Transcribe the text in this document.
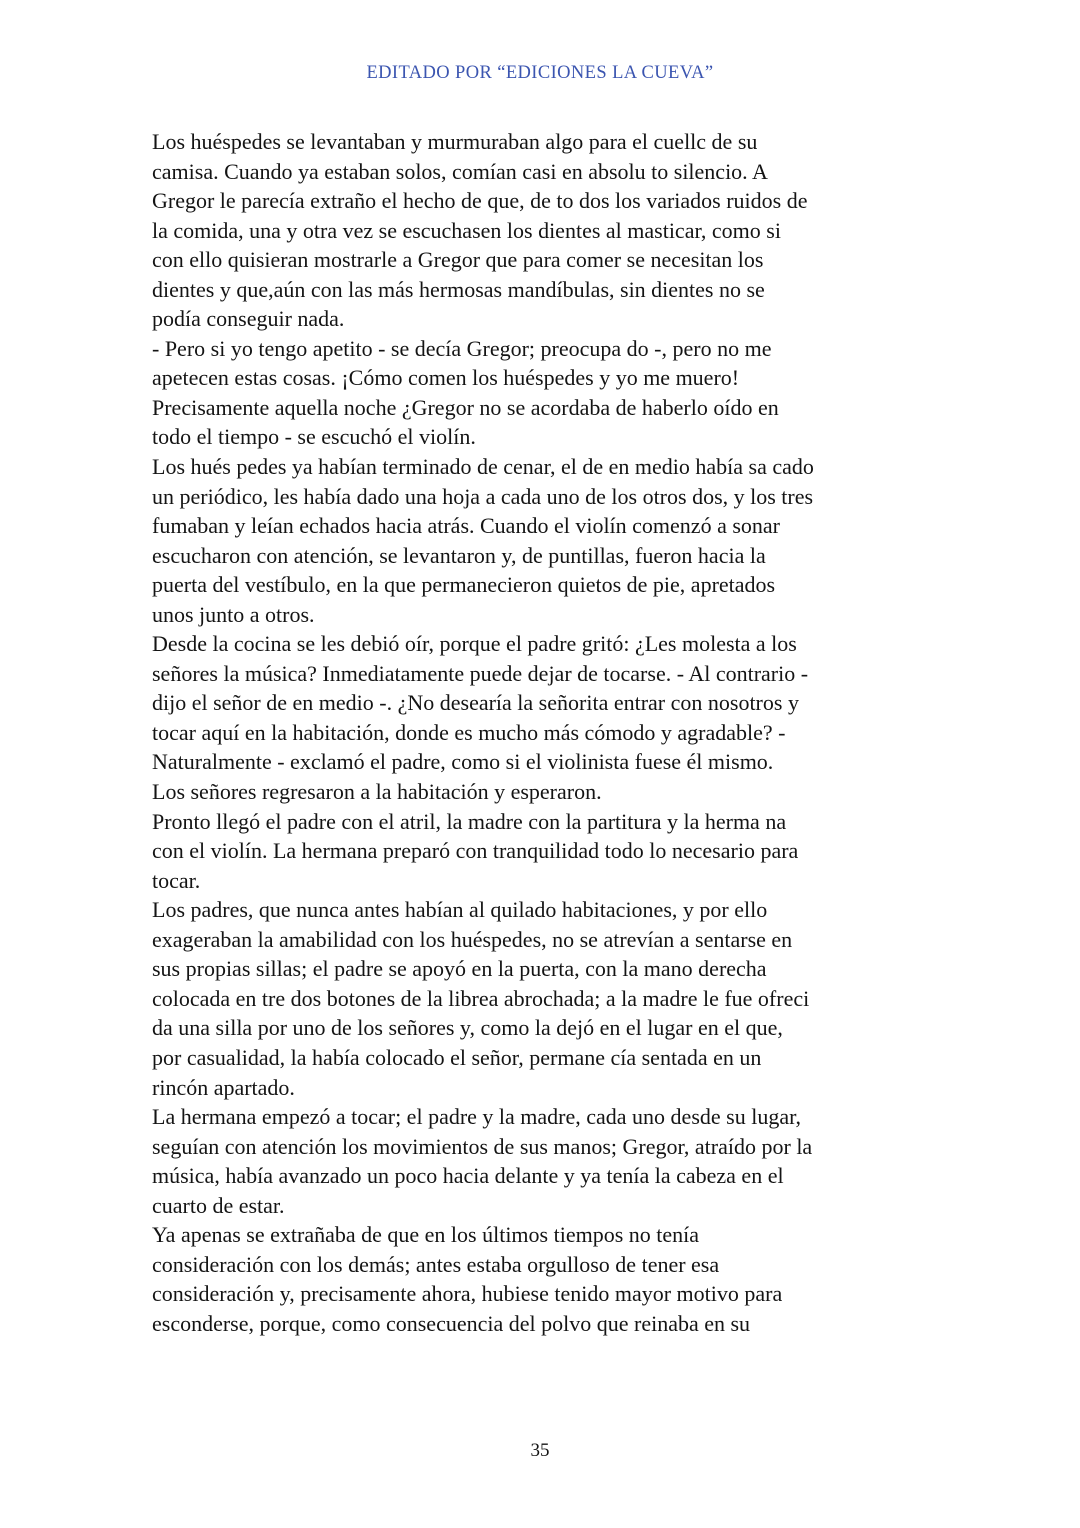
EDITADO POR “EDICIONES LA CUEVA”

Los huéspedes se levantaban y murmuraban algo para el cuellc de su
camisa. Cuando ya estaban solos, comían casi en absolu to silencio. A
Gregor le parecía extraño el hecho de que, de to dos los variados ruidos de
la comida, una y otra vez se escuchasen los dientes al masticar, como si
con ello quisieran mostrarle a Gregor que para comer se necesitan los
dientes y que,aún con las más hermosas mandíbulas, sin dientes no se
podía conseguir nada.

- Pero si yo tengo apetito - se decía Gregor; preocupa do -, pero no me
apetecen estas cosas. ¡Cómo comen los huéspedes y yo me muero!
Precisamente aquella noche ¿Gregor no se acordaba de haberlo oído en
todo el tiempo - se escuchó el violín.

Los hués pedes ya habían terminado de cenar, el de en medio había sa cado
un periódico, les había dado una hoja a cada uno de los otros dos, y los tres
fumaban y leían echados hacia atrás. Cuando el violín comenzó a sonar
escucharon con atención, se levantaron y, de puntillas, fueron hacia la
puerta del vestíbulo, en la que permanecieron quietos de pie, apretados
unos junto a otros.

Desde la cocina se les debió oír, porque el padre gritó: ¿Les molesta a los
señores la música? Inmediatamente puede dejar de tocarse. - Al contrario -
dijo el señor de en medio -. ¿No desearía la señorita entrar con nosotros y
tocar aquí en la habitación, donde es mucho más cómodo y agradable? -
Naturalmente - exclamó el padre, como si el violinista fuese él mismo.

Los señores regresaron a la habitación y esperaron.

Pronto llegó el padre con el atril, la madre con la partitura y la herma na
con el violín. La hermana preparó con tranquilidad todo lo necesario para
tocar.

Los padres, que nunca antes habían al quilado habitaciones, y por ello
exageraban la amabilidad con los huéspedes, no se atrevían a sentarse en
sus propias sillas; el padre se apoyó en la puerta, con la mano derecha
colocada en tre dos botones de la librea abrochada; a la madre le fue ofreci
da una silla por uno de los señores y, como la dejó en el lugar en el que,
por casualidad, la había colocado el señor, permane cía sentada en un
rincón apartado.

La hermana empezó a tocar; el padre y la madre, cada uno desde su lugar,
seguían con atención los movimientos de sus manos; Gregor, atraído por la
música, había avanzado un poco hacia delante y ya tenía la cabeza en el
cuarto de estar.

Ya apenas se extrañaba de que en los últimos tiempos no tenía
consideración con los demás; antes estaba orgulloso de tener esa
consideración y, precisamente ahora, hubiese tenido mayor motivo para
esconderse, porque, como consecuencia del polvo que reinaba en su

35
